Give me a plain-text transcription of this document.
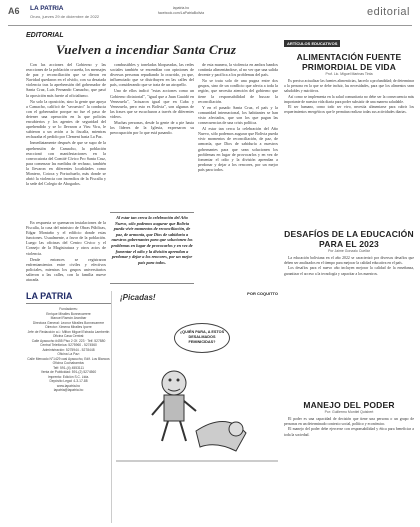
A6 LA PATRIA
Oruro, jueves 29 de diciembre de 2022
lapatria.bo
facebook.com/LaPatriaBolivia	editorial
EDITORIAL
Vuelven a incendiar Santa Cruz

Con las acciones del Gobierno y las reacciones de la población cruceña, los mensajes de paz y reconciliación que se dieron en Navidad quedaron en el olvido, con su desatada violencia tras la aprehensión del gobernador de Santa Cruz, Luis Fernando Camacho, que pasó la oposición más fuerte al oficialismo.

No solo la oposición, sino la gente que apoya a Camacho, calificó de "secuestro" la conducta con el gobernador porque no fue el paso de detener una operación en la que policías encubiertos y los agentes de seguridad del aprehendido y se lo llevaron a Viru Viru, le subieron a un avión a la fiscalía, mientras rechazaba el pedido por Clement hasta La Paz.

Inmediatamente después de que se supo de la aprehensión de Camacho, la población reaccionó con manifestaciones en la convocatoria del Comité Cívico Pro Santa Cruz, para comenzar las medidas de rechazo, también la llevaron en diferentes localidades como Montero, Cotoca y Portachuelo, más donde se abrió la violencia con incendios de la Fiscalía y la sede del Colegio de Abogados.

combustibles y toneladas bloqueadas, las redes sociales también se encendían con opiniones de diversas personas repudiando lo ocurrido, ya que, influenciado que se distribuyen en las calles del país, considerando que se trata de un atropello.

Uno de ellos indicó "estas acciones como un Gobierno dictatorial", "igual que a Juan Guaidó en Venezuela", "actuaron igual que en Cuba y Venezuela, pero esto es Bolivia", son algunas de las frases que se escucharon a través de diferentes videos.

Muchas personas, desde la gente de a pie hasta los líderes de la Iglesia, expresaron su preocupación por lo que está pasando.

de esta manera, la violencia en ambos bandos continúa alimentándose, al no ver que una salida decente y pacífica a los problemas del país.

No se trata solo de una pugna entre dos grupos, sino de un conflicto que afecta a toda la región, que necesita atención del gobierno que tiene la responsabilidad de buscar la reconciliación.

Y en el pasado Santa Cruz, el país y la comunidad internacional, los habitantes se han visto afectados, que son los que pagan las consecuencias de una crisis política.

Al estar tan cerca la celebración del Año Nuevo, sólo podemos augurar que Bolivia pueda vivir momentos de reconciliación, de paz, de armonía, que Dios de sabiduría a nuestros gobernantes para que sean solucionen los problemas en lugar de provocarlos y en vez de fomentar el odio y la división aprendan a perdonar y dejar a los rencores, por un mejor país para todos.

Al estar tan cerca la celebración del Año Nuevo, sólo podemos augurar que Bolivia pueda vivir momentos de reconciliación, de paz, de armonía, que Dios de sabiduría a nuestros gobernantes para que solucionen los problemas en lugar de provocarlos y en vez de fomentar el odio y la división aprendan a perdonar y dejar a los rencores, por un mejor país para todos.

En respuesta se quemaron instalaciones de la Fiscalía, la casa del ministro de Obras Públicas, Edgar Montaño y el edificio donde estas funciones. Usualmente, a favor de la población. Luego las oficinas del Centro Civico y el Consejo de la Magistratura y otros actos de violencia.

Desde entonces se registraron enfrentamientos entre civiles y efectivos policiales, mientras los grupos universitarios salieron a las calles, con la familia nueve atacada.

LA PATRIA
Fundadores:
Enrique Miralles Bonnecarrere
Manuel Ramón Araníbar
Directora General: Leonor Miralles Bonnecarrere
Director: Ximena Miralles Iporre
Jefe de Redacción a.i.: Milton Miguel Estrada Lambertin
Oficina Casa Central:
Calle Ayacucho #455 Piso 2 Of. 223 · Telf. 527880
Central Telefónica: 5275960 - 5274560
Administración: 5275944 - 5278448
Oficina La Paz:
Calle Mercado N°1429 casi Ayacucho, Edif. Los Blancos
Oficina Cochabamba:
Telf: 591-(4) 4553111
Venta de Publicidad: 591-(2) 5274560
Imprenta: Edición S.C. Ltda.
Depósito Legal: 4-3-17-88
www.lapatria.bo
lapatria@lapatria.bo
¡Picadas!	POR COQUITTO
¿QUIÉN PARA, A ESTOS DESALMADOS FEMINICIDAS?
ARTÍCULOS EDUCATIVOS
ALIMENTACIÓN FUENTE PRIMORDIAL DE VIDA
Prof. Lic. Miguel Marinas Tinta

Es preciso actualizar las fuentes alimenticias, hacerlo a profundidad; de determinar a la persona en la que se debe incluir, las necesidades, para que los alimentos sean saludables y nutritivos.

Así como se implementa en la salud comunitaria no debe ser la consecuencia más importante de nuestra vida diaria para poder subsistir de una manera saludable.

El ser humano, como todo ser vivo, necesita alimentarse para cubrir los requerimientos energéticos que le permitan realizar todas sus actividades diarias.

DESAFÍOS DE LA EDUCACIÓN PARA EL 2023
Por Jaime Gonzalo Cuellar

La educación boliviana en el año 2022 se caracterizó por diversos desafíos que deben ser analizados en el tiempo para mejorar la calidad educativa en el país.

Los desafíos para el nuevo año incluyen mejorar la calidad de la enseñanza, garantizar el acceso a la tecnología y capacitar a los maestros.

MANEJO DEL PODER
Por: Guillermo Montiel Quisbert

El poder es una capacidad de decisión que tiene una persona o un grupo de personas en un determinado contexto social, político y económico.

El manejo del poder debe ejercerse con responsabilidad y ética para beneficiar a toda la sociedad.
